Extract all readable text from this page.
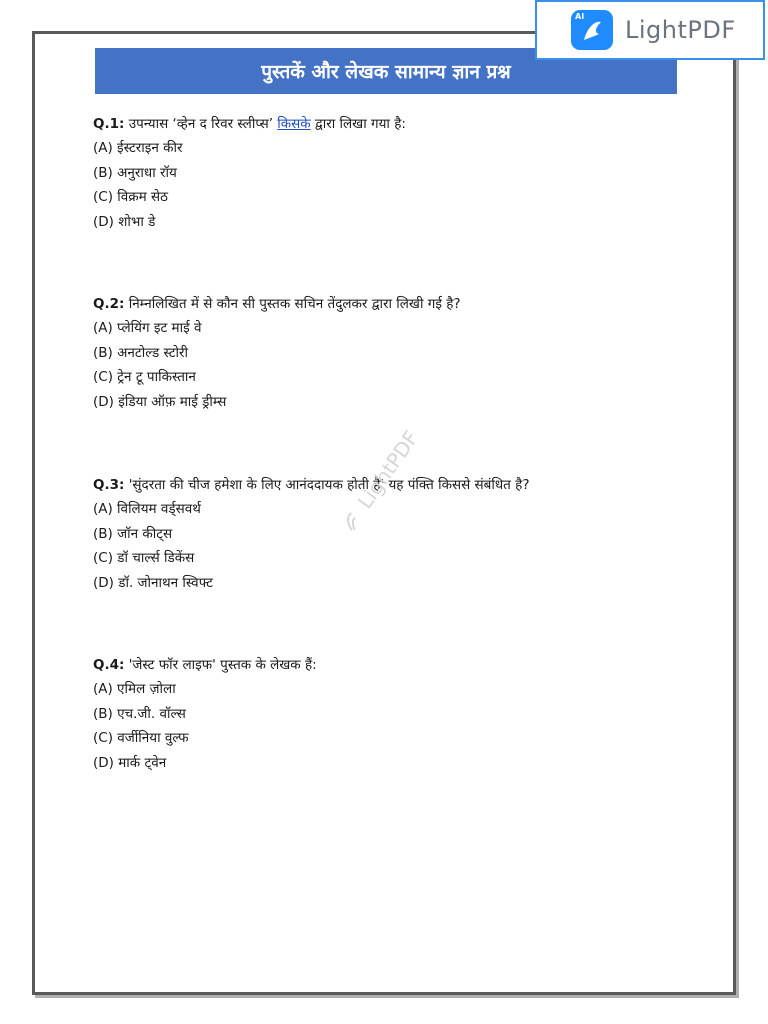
पुस्तकें और लेखक सामान्य ज्ञान प्रश्न
Q.1: उपन्यास ‘व्हेन द रिवर स्लीप्स’ किसके द्वारा लिखा गया है:
(A) ईस्टराइन कीर
(B) अनुराधा रॉय
(C) विक्रम सेठ
(D) शोभा डे
Q.2: निम्नलिखित में से कौन सी पुस्तक सचिन तेंदुलकर द्वारा लिखी गई है?
(A) प्लेयिंग इट माई वे
(B) अनटोल्ड स्टोरी
(C) ट्रेन टू पाकिस्तान
(D) इंडिया ऑफ़ माई ड्रीम्स
Q.3: 'सुंदरता की चीज हमेशा के लिए आनंददायक होती है' यह पंक्ति किससे संबंधित है?
(A) विलियम वर्ड्सवर्थ
(B) जॉन कीट्स
(C) डॉ चार्ल्स डिकेंस
(D) डॉ. जोनाथन स्विफ्ट
Q.4: 'जेस्ट फॉर लाइफ' पुस्तक के लेखक हैं:
(A) एमिल ज़ोला
(B) एच.जी. वॉल्स
(C) वर्जीनिया वुल्फ
(D) मार्क ट्वेन
LightPDF
AI LightPDF
